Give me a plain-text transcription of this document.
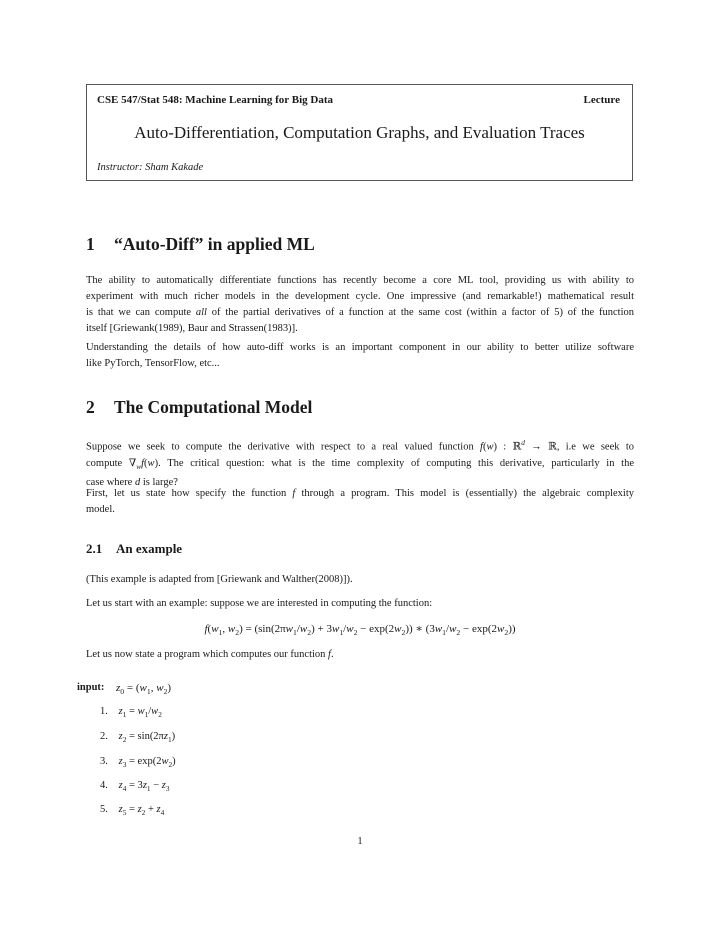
CSE 547/Stat 548: Machine Learning for Big Data	Lecture
Auto-Differentiation, Computation Graphs, and Evaluation Traces
Instructor: Sham Kakade
1 “Auto-Diff” in applied ML
The ability to automatically differentiate functions has recently become a core ML tool, providing us with ability to
experiment with much richer models in the development cycle. One impressive (and remarkable!) mathematical result
is that we can compute all of the partial derivatives of a function at the same cost (within a factor of 5) of the function
itself [Griewank(1989), Baur and Strassen(1983)].
Understanding the details of how auto-diff works is an important component in our ability to better utilize software
like PyTorch, TensorFlow, etc...
2 The Computational Model
Suppose we seek to compute the derivative with respect to a real valued function f(w) : ℝ$^d$ → ℝ, i.e we seek to
compute $\nabla_wf(w)$. The critical question: what is the time complexity of computing this derivative, particularly in the
case where d is large?
First, let us state how specify the function f through a program. This model is (essentially) the algebraic complexity
model.
2.1 An example
(This example is adapted from [Griewank and Walther(2008)]).
Let us start with an example: suppose we are interested in computing the function:
$f(w_1$, $w_2) = (\sin(2\pi w_1/w_2) + 3w_1/w_2 - \exp(2w_2))$ ∗ $(3w_1/w_2 - \exp(2w_2))$
Let us now state a program which computes our function f.
input: $z_0 = (w_1$, $w_2$)
1. $z_1 = w_1/w_2$
2. $z_2 = \sin(2\pi z_1)$
3. $z_3 = \exp(2w_2)$
4. $z_4 = 3z_1 - z_3$
5. $z_5 = z_2 + z_4$
1
